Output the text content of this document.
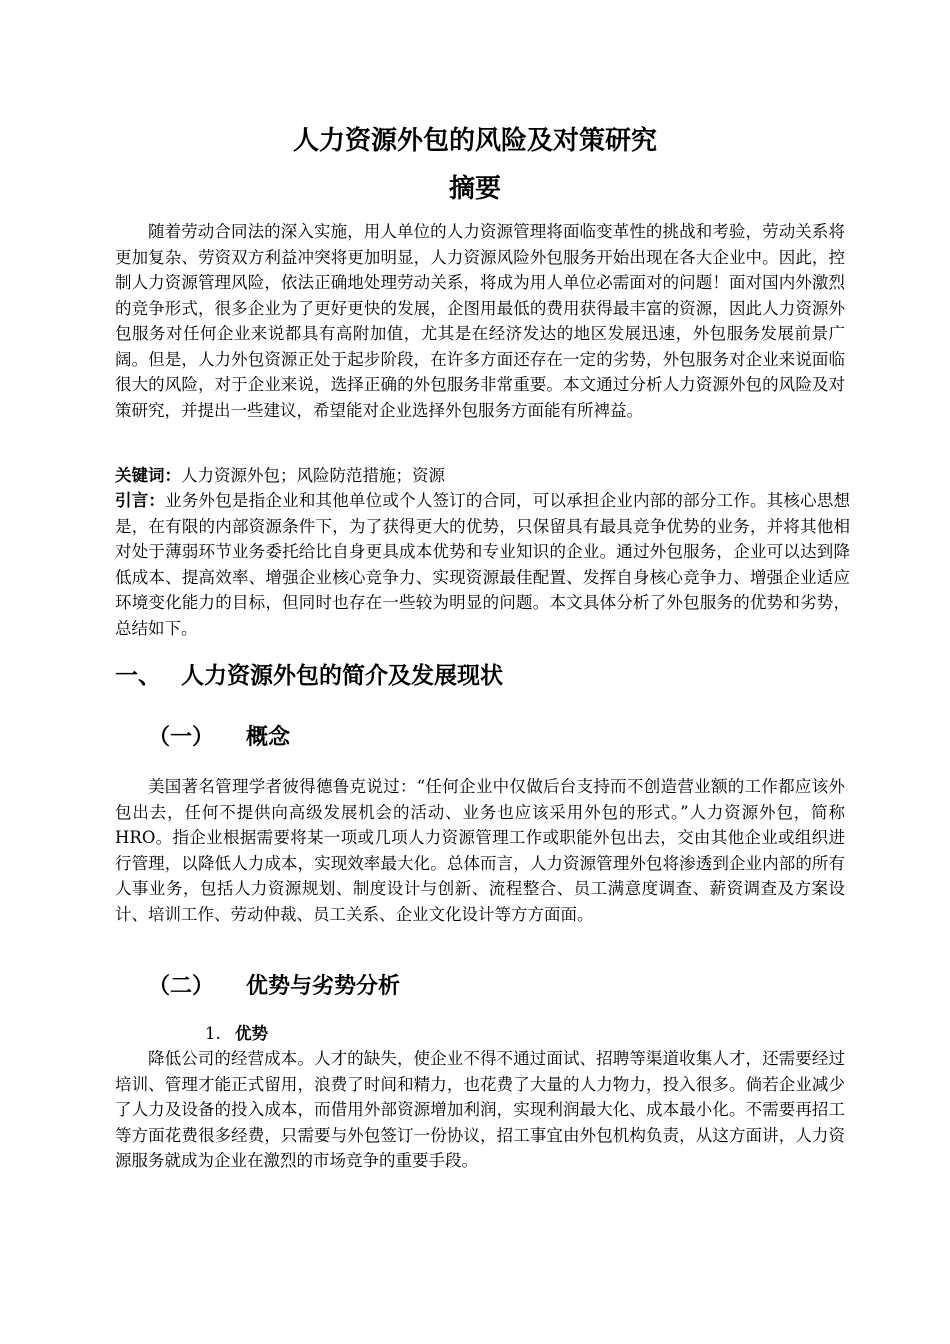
人力资源外包的风险及对策研究
摘要

随着劳动合同法的深入实施，用人单位的人力资源管理将面临变革性的挑战和考验，劳动关系将更加复杂、劳资双方利益冲突将更加明显，人力资源风险外包服务开始出现在各大企业中。因此，控制人力资源管理风险，依法正确地处理劳动关系，将成为用人单位必需面对的问题！面对国内外激烈的竞争形式，很多企业为了更好更快的发展，企图用最低的费用获得最丰富的资源，因此人力资源外包服务对任何企业来说都具有高附加值，尤其是在经济发达的地区发展迅速，外包服务发展前景广阔。但是，人力外包资源正处于起步阶段，在许多方面还存在一定的劣势，外包服务对企业来说面临很大的风险，对于企业来说，选择正确的外包服务非常重要。本文通过分析人力资源外包的风险及对策研究，并提出一些建议，希望能对企业选择外包服务方面能有所裨益。

关键词：人力资源外包；风险防范措施；资源

引言：业务外包是指企业和其他单位或个人签订的合同，可以承担企业内部的部分工作。其核心思想是，在有限的内部资源条件下，为了获得更大的优势，只保留具有最具竞争优势的业务，并将其他相对处于薄弱环节业务委托给比自身更具成本优势和专业知识的企业。通过外包服务，企业可以达到降低成本、提高效率、增强企业核心竞争力、实现资源最佳配置、发挥自身核心竞争力、增强企业适应环境变化能力的目标，但同时也存在一些较为明显的问题。本文具体分析了外包服务的优势和劣势，总结如下。

一、 人力资源外包的简介及发展现状
（一） 概念

美国著名管理学者彼得德鲁克说过：“任何企业中仅做后台支持而不创造营业额的工作都应该外包出去，任何不提供向高级发展机会的活动、业务也应该采用外包的形式。”人力资源外包，简称HRO。指企业根据需要将某一项或几项人力资源管理工作或职能外包出去，交由其他企业或组织进行管理，以降低人力成本，实现效率最大化。总体而言，人力资源管理外包将渗透到企业内部的所有人事业务，包括人力资源规划、制度设计与创新、流程整合、员工满意度调查、薪资调查及方案设计、培训工作、劳动仲裁、员工关系、企业文化设计等方方面面。

（二） 优势与劣势分析
1. 优势

降低公司的经营成本。人才的缺失，使企业不得不通过面试、招聘等渠道收集人才，还需要经过培训、管理才能正式留用，浪费了时间和精力，也花费了大量的人力物力，投入很多。倘若企业减少了人力及设备的投入成本，而借用外部资源增加利润，实现利润最大化、成本最小化。不需要再招工等方面花费很多经费，只需要与外包签订一份协议，招工事宜由外包机构负责，从这方面讲，人力资源服务就成为企业在激烈的市场竞争的重要手段。
